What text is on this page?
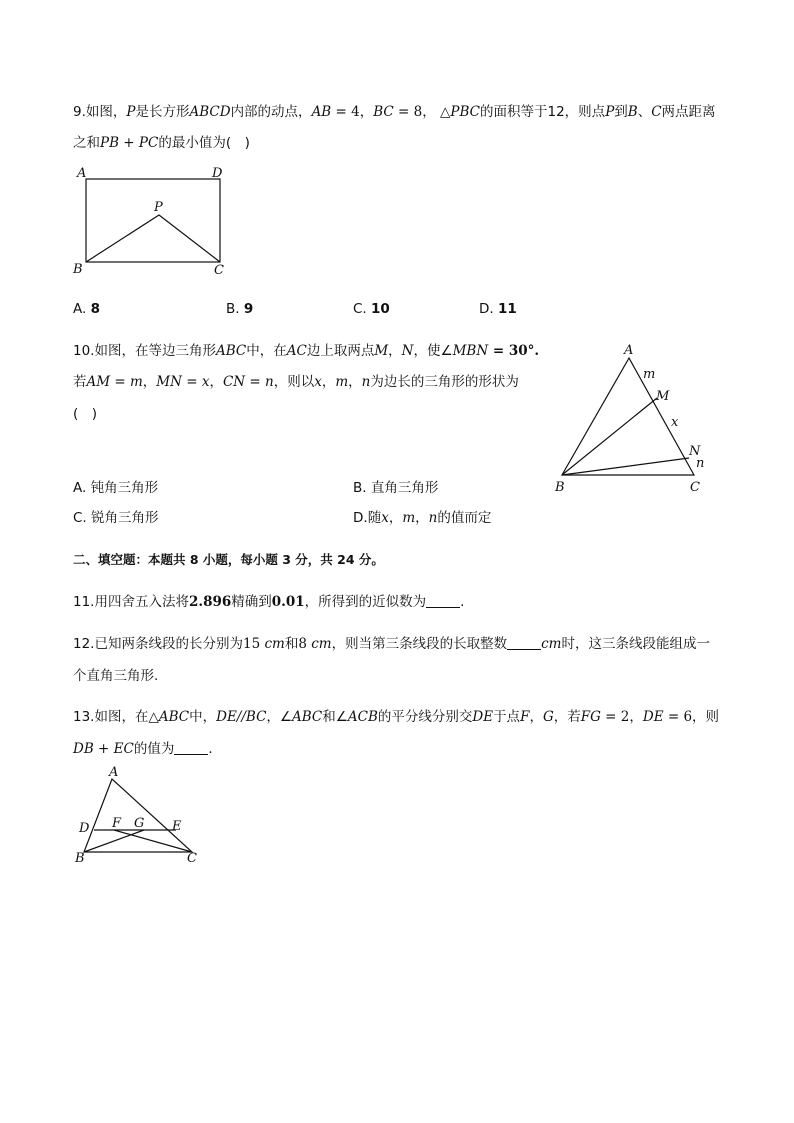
9.如图，P是长方形ABCD内部的动点，AB = 4，BC = 8， △PBC的面积等于12，则点P到B、C两点距离
之和PB + PC的最小值为(　)
A	D
P
B	C
A. 8	B. 9	C. 10	D. 11
10.如图，在等边三角形ABC中，在AC边上取两点M，N，使∠MBN = 30°.
若AM = m，MN = x，CN = n，则以x，m，n为边长的三角形的形状为
(　)
A
m
M
x
N
n
B	C
A. 钝角三角形	B. 直角三角形
C. 锐角三角形	D.随x，m，n的值而定
二、填空题：本题共 8 小题，每小题 3 分，共 24 分。
11.用四舍五入法将2.896精确到0.01，所得到的近似数为	.
12.已知两条线段的长分别为15 cm和8 cm，则当第三条线段的长取整数	cm时，这三条线段能组成一
个直角三角形.
13.如图，在△ABC中，DE//BC，∠ABC和∠ACB的平分线分别交DE于点F，G，若FG = 2，DE = 6，则
DB + EC的值为	.
A
D F G E
B	C
